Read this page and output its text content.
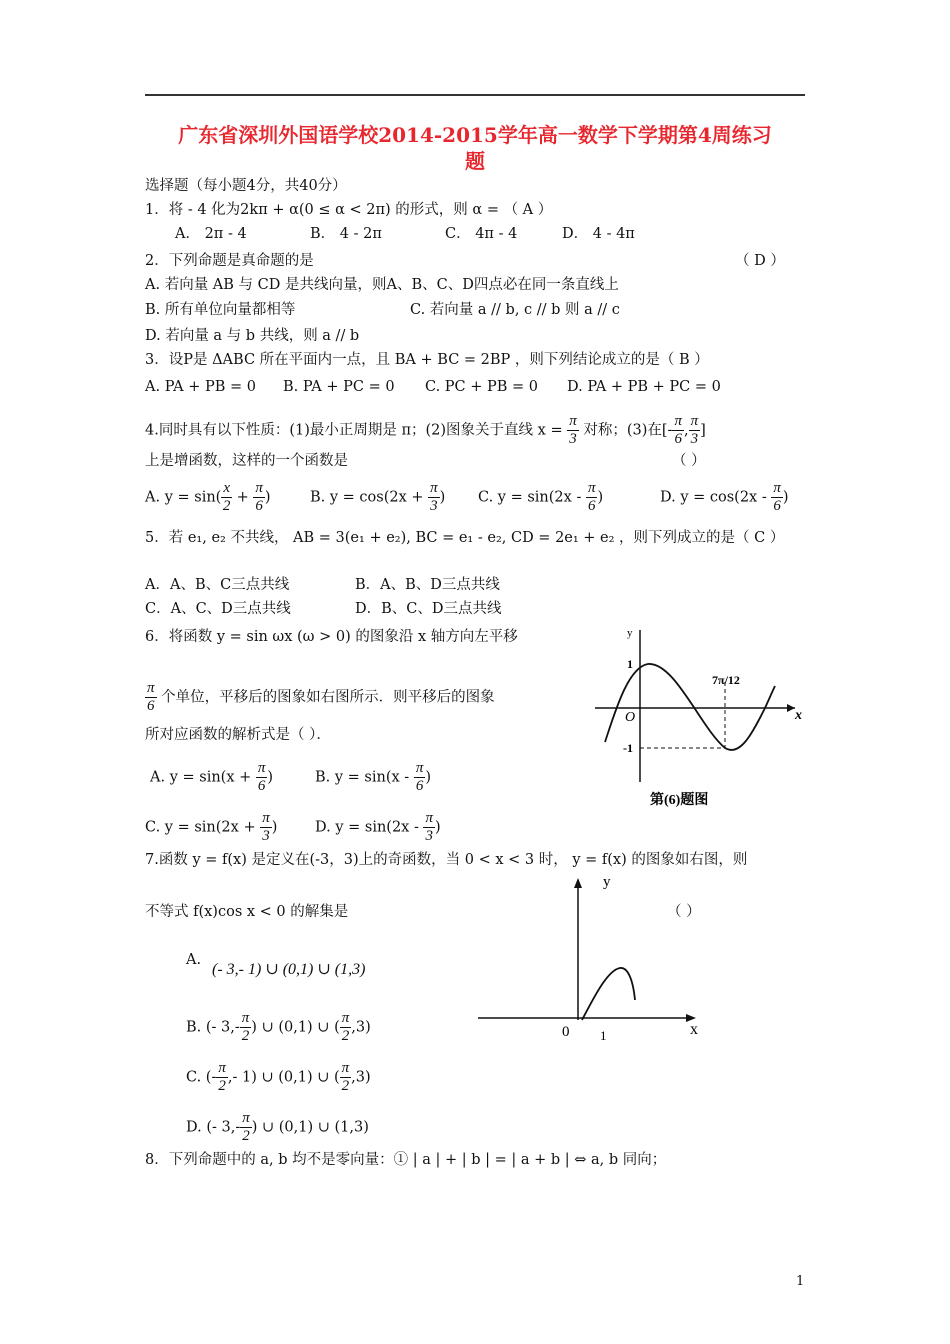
广东省深圳外国语学校2014-2015学年高一数学下学期第4周练习
题
选择题（每小题4分，共40分）
1．将 - 4 化为2kπ + α(0 ≤ α < 2π) 的形式，则 α = （ A ）
A． 2π - 4	B． 4 - 2π	C． 4π - 4	D． 4 - 4π
2．下列命题是真命题的是	（ D ）
A. 若向量 AB 与 CD 是共线向量，则A、B、C、D四点必在同一条直线上
B. 所有单位向量都相等	C. 若向量 a // b, c // b 则 a // c
D. 若向量 a 与 b 共线，则 a // b
3．设P是 ΔABC 所在平面内一点，且 BA + BC = 2BP ，则下列结论成立的是（ B ）
A. PA + PB = 0 B. PA + PC = 0 C. PC + PB = 0 D. PA + PB + PC = 0
4.同时具有以下性质：(1)最小正周期是 π；(2)图象关于直线 $x = \frac{\pi}{3}$ 对称；(3)在[- $\frac{\pi}{6}$ , $\frac{\pi}{3}$ ]
上是增函数，这样的一个函数是	（ ）
A. $y = \sin( \frac{x}{2} + \frac{\pi}{6}$ )	B. $y = \cos(2x + \frac{\pi}{3}$ ) C. $y = \sin(2x - \frac{\pi}{6}$ )	D. $y = \cos(2x - \frac{\pi}{6}$ )
5．若 e₁, e₂ 不共线， AB = 3(e₁ + e₂), BC = e₁ - e₂, CD = 2e₁ + e₂ ，则下列成立的是（ C ）
A．A、B、C三点共线	B．A、B、D三点共线
C．A、C、D三点共线	D．B、C、D三点共线
6．将函数 y = sin ωx (ω > 0) 的图象沿 x 轴方向左平移
$\frac{\pi}{6}$ 个单位，平移后的图象如右图所示．则平移后的图象
所对应函数的解析式是（ ）．
A. $y = \sin(x + \frac{\pi}{6}$ )	B. $y = \sin(x - \frac{\pi}{6}$ )
C. $y = \sin(2x + \frac{\pi}{3}$ )	D. $y = \sin(2x - \frac{\pi}{3}$ )
y
x
O
1
-1
7π/12
第(6)题图
7.函数 y = f(x) 是定义在(-3，3)上的奇函数，当 0 < x < 3 时， y = f(x) 的图象如右图，则
不等式 f(x)cos x < 0 的解集是	（ ）
A.
(- 3,- 1) ∪ (0,1) ∪ (1,3)
B. (- $3,- \frac{\pi}{2}$ ) ∪ (0,1) ∪ ( $\frac{\pi}{2} ,3$)
C. (- $\frac{\pi}{2}$ ,- 1) ∪ (0,1) ∪ ( $\frac{\pi}{2} ,3$)
D. (- $3,- \frac{\pi}{2}$ ) ∪ (0,1) ∪ (1,3)
y
x
0 1
8．下列命题中的 a, b 均不是零向量：① | a | + | b | = | a + b | ⇔ a, b 同向；
1
